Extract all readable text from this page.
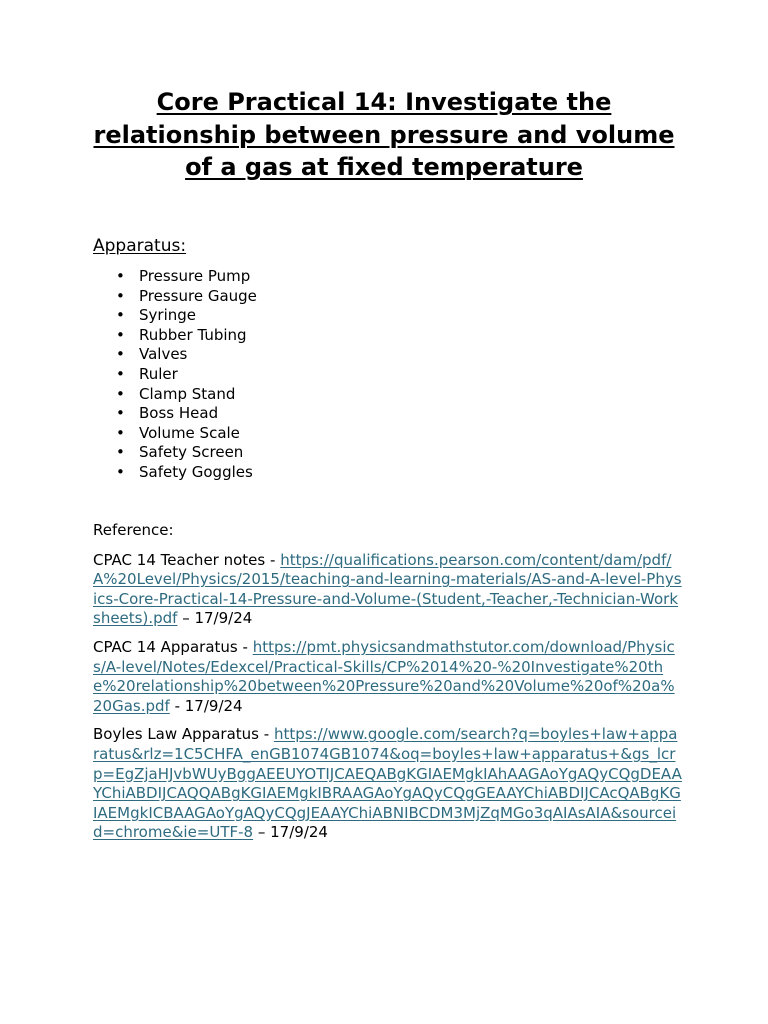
Core Practical 14: Investigate the relationship between pressure and volume of a gas at fixed temperature
Apparatus:
• Pressure Pump
• Pressure Gauge
• Syringe
• Rubber Tubing
• Valves
• Ruler
• Clamp Stand
• Boss Head
• Volume Scale
• Safety Screen
• Safety Goggles

Reference:

CPAC 14 Teacher notes - https://qualifications.pearson.com/content/dam/pdf/A%20Level/Physics/2015/teaching-and-learning-materials/AS-and-A-level-Physics-Core-Practical-14-Pressure-and-Volume-(Student,-Teacher,-Technician-Worksheets).pdf – 17/9/24

CPAC 14 Apparatus - https://pmt.physicsandmathstutor.com/download/Physics/A-level/Notes/Edexcel/Practical-Skills/CP%2014%20-%20Investigate%20the%20relationship%20between%20Pressure%20and%20Volume%20of%20a%20Gas.pdf - 17/9/24

Boyles Law Apparatus - https://www.google.com/search?q=boyles+law+apparatus&rlz=1C5CHFA_enGB1074GB1074&oq=boyles+law+apparatus+&gs_lcrp=EgZjaHJvbWUyBggAEEUYOTIJCAEQABgKGIAEMgkIAhAAGAoYgAQyCQgDEAAYChiABDIJCAQQABgKGIAEMgkIBRAAGAoYgAQyCQgGEAAYChiABDIJCAcQABgKGIAEMgkICBAAGAoYgAQyCQgJEAAYChiABNIBCDM3MjZqMGo3qAIAsAIA&sourceid=chrome&ie=UTF-8 – 17/9/24
